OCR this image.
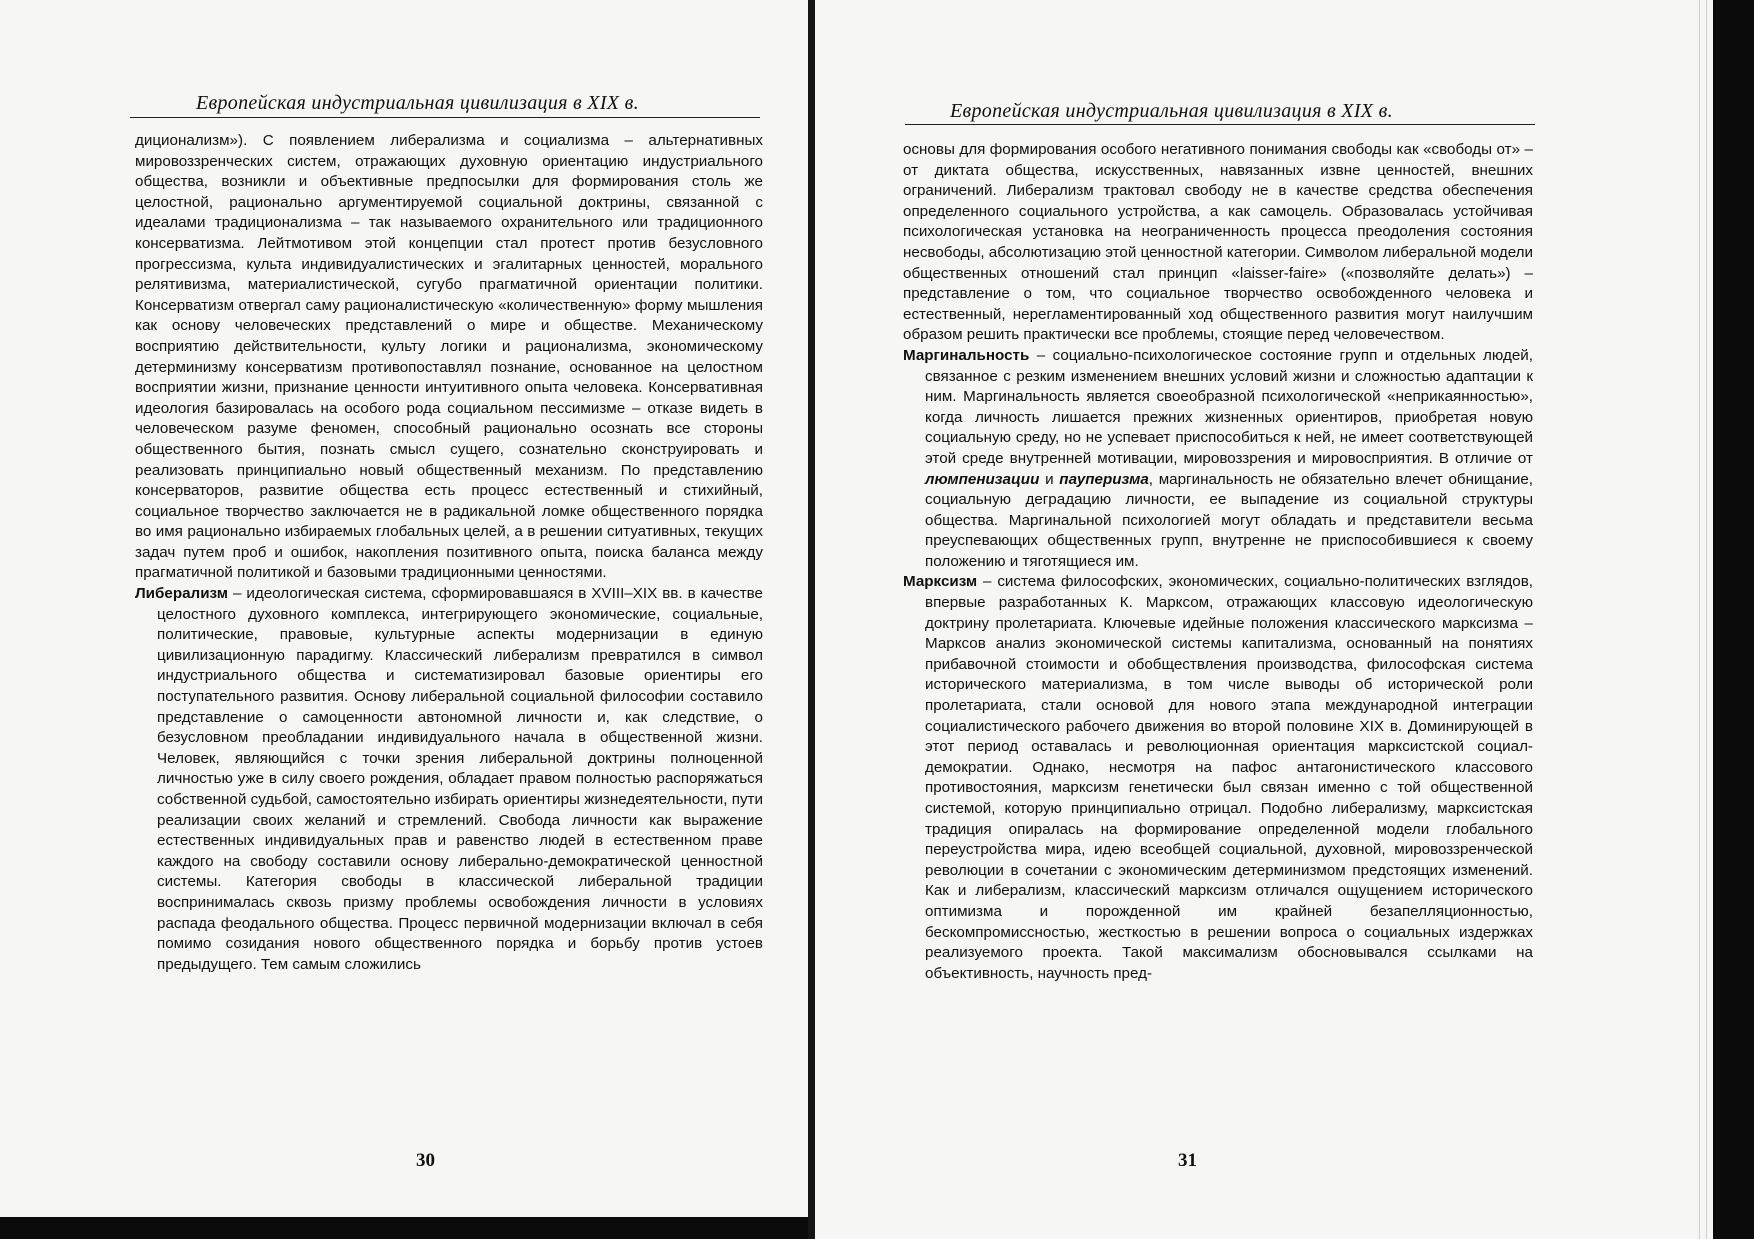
Европейская индустриальная цивилизация в XIX в.

диционализм»). С появлением либерализма и социализма – альтернативных мировоззренческих систем, отражающих духовную ориентацию индустриального общества, возникли и объективные предпосылки для формирования столь же целостной, рационально аргументируемой социальной доктрины, связанной с идеалами традиционализма – так называемого охранительного или традиционного консерватизма. Лейтмотивом этой концепции стал протест против безусловного прогрессизма, культа индивидуалистических и эгалитарных ценностей, морального релятивизма, материалистической, сугубо прагматичной ориентации политики. Консерватизм отвергал саму рационалистическую «количественную» форму мышления как основу человеческих представлений о мире и обществе. Механическому восприятию действительности, культу логики и рационализма, экономическому детерминизму консерватизм противопоставлял познание, основанное на целостном восприятии жизни, признание ценности интуитивного опыта человека. Консервативная идеология базировалась на особого рода социальном пессимизме – отказе видеть в человеческом разуме феномен, способный рационально осознать все стороны общественного бытия, познать смысл сущего, сознательно сконструировать и реализовать принципиально новый общественный механизм. По представлению консерваторов, развитие общества есть процесс естественный и стихийный, социальное творчество заключается не в радикальной ломке общественного порядка во имя рационально избираемых глобальных целей, а в решении ситуативных, текущих задач путем проб и ошибок, накопления позитивного опыта, поиска баланса между прагматичной политикой и базовыми традиционными ценностями.

Либерализм – идеологическая система, сформировавшаяся в XVIII–XIX вв. в качестве целостного духовного комплекса, интегрирующего экономические, социальные, политические, правовые, культурные аспекты модернизации в единую цивилизационную парадигму. Классический либерализм превратился в символ индустриального общества и систематизировал базовые ориентиры его поступательного развития. Основу либеральной социальной философии составило представление о самоценности автономной личности и, как следствие, о безусловном преобладании индивидуального начала в общественной жизни. Человек, являющийся с точки зрения либеральной доктрины полноценной личностью уже в силу своего рождения, обладает правом полностью распоряжаться собственной судьбой, самостоятельно избирать ориентиры жизнедеятельности, пути реализации своих желаний и стремлений. Свобода личности как выражение естественных индивидуальных прав и равенство людей в естественном праве каждого на свободу составили основу либерально-демократической ценностной системы. Категория свободы в классической либеральной традиции воспринималась сквозь призму проблемы освобождения личности в условиях распада феодального общества. Процесс первичной модернизации включал в себя помимо созидания нового общественного порядка и борьбу против устоев предыдущего. Тем самым сложились

30
Европейская индустриальная цивилизация в XIX в.

основы для формирования особого негативного понимания свободы как «свободы от» – от диктата общества, искусственных, навязанных извне ценностей, внешних ограничений. Либерализм трактовал свободу не в качестве средства обеспечения определенного социального устройства, а как самоцель. Образовалась устойчивая психологическая установка на неограниченность процесса преодоления состояния несвободы, абсолютизацию этой ценностной категории. Символом либеральной модели общественных отношений стал принцип «laisser-faire» («позволяйте делать») – представление о том, что социальное творчество освобожденного человека и естественный, нерегламентированный ход общественного развития могут наилучшим образом решить практически все проблемы, стоящие перед человечеством.

Маргинальность – социально-психологическое состояние групп и отдельных людей, связанное с резким изменением внешних условий жизни и сложностью адаптации к ним. Маргинальность является своеобразной психологической «неприкаянностью», когда личность лишается прежних жизненных ориентиров, приобретая новую социальную среду, но не успевает приспособиться к ней, не имеет соответствующей этой среде внутренней мотивации, мировоззрения и мировосприятия. В отличие от люмпенизации и пауперизма, маргинальность не обязательно влечет обнищание, социальную деградацию личности, ее выпадение из социальной структуры общества. Маргинальной психологией могут обладать и представители весьма преуспевающих общественных групп, внутренне не приспособившиеся к своему положению и тяготящиеся им.

Марксизм – система философских, экономических, социально-политических взглядов, впервые разработанных К. Марксом, отражающих классовую идеологическую доктрину пролетариата. Ключевые идейные положения классического марксизма – Марксов анализ экономической системы капитализма, основанный на понятиях прибавочной стоимости и обобществления производства, философская система исторического материализма, в том числе выводы об исторической роли пролетариата, стали основой для нового этапа международной интеграции социалистического рабочего движения во второй половине XIX в. Доминирующей в этот период оставалась и революционная ориентация марксистской социал-демократии. Однако, несмотря на пафос антагонистического классового противостояния, марксизм генетически был связан именно с той общественной системой, которую принципиально отрицал. Подобно либерализму, марксистская традиция опиралась на формирование определенной модели глобального переустройства мира, идею всеобщей социальной, духовной, мировоззренческой революции в сочетании с экономическим детерминизмом предстоящих изменений. Как и либерализм, классический марксизм отличался ощущением исторического оптимизма и порожденной им крайней безапелляционностью, бескомпромиссностью, жесткостью в решении вопроса о социальных издержках реализуемого проекта. Такой максимализм обосновывался ссылками на объективность, научность пред-

31
